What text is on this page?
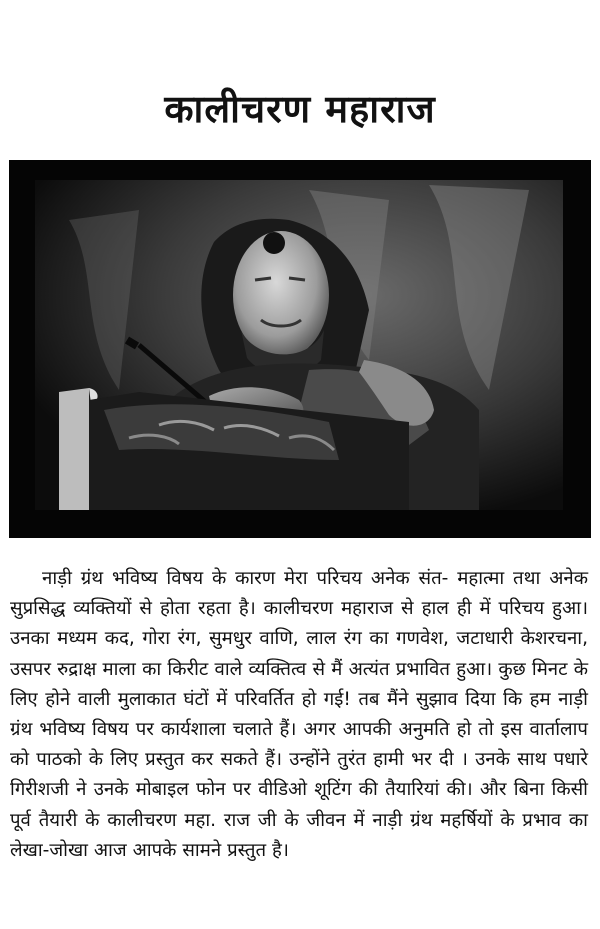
कालीचरण महाराज

नाड़ी ग्रंथ भविष्य विषय के कारण मेरा परिचय अनेक संत- महात्मा तथा अनेक सुप्रसिद्ध व्यक्तियों से होता रहता है। कालीचरण महाराज से हाल ही में परिचय हुआ। उनका मध्यम कद, गोरा रंग, सुमधुर वाणि, लाल रंग का गणवेश, जटाधारी केशरचना, उसपर रुद्राक्ष माला का किरीट वाले व्यक्तित्व से मैं अत्यंत प्रभावित हुआ। कुछ मिनट के लिए होने वाली मुलाकात घंटों में परिवर्तित हो गई! तब मैंने सुझाव दिया कि हम नाड़ी ग्रंथ भविष्य विषय पर कार्यशाला चलाते हैं। अगर आपकी अनुमति हो तो इस वार्तालाप को पाठको के लिए प्रस्तुत कर सकते हैं। उन्होंने तुरंत हामी भर दी । उनके साथ पधारे गिरीशजी ने उनके मोबाइल फोन पर वीडिओ शूटिंग की तैयारियां की। और बिना किसी पूर्व तैयारी के कालीचरण महा. राज जी के जीवन में नाड़ी ग्रंथ महर्षियों के प्रभाव का लेखा-जोखा आज आपके सामने प्रस्तुत है।
